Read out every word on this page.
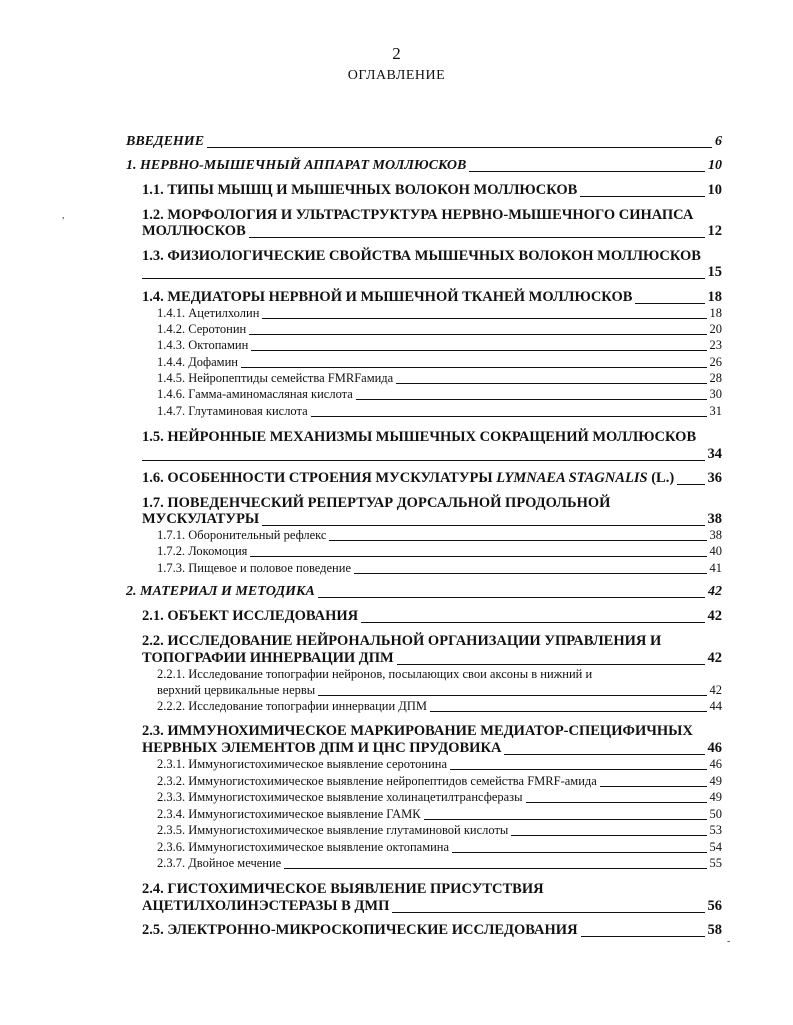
2
ОГЛАВЛЕНИЕ
,
ВВЕДЕНИЕ	6
1. НЕРВНО-МЫШЕЧНЫЙ АППАРАТ МОЛЛЮСКОВ	10
1.1. ТИПЫ МЫШЦ И МЫШЕЧНЫХ ВОЛОКОН МОЛЛЮСКОВ	10
1.2. МОРФОЛОГИЯ И УЛЬТРАСТРУКТУРА НЕРВНО-МЫШЕЧНОГО СИНАПСА
МОЛЛЮСКОВ	12
1.3. ФИЗИОЛОГИЧЕСКИЕ СВОЙСТВА МЫШЕЧНЫХ ВОЛОКОН МОЛЛЮСКОВ
15
1.4. МЕДИАТОРЫ НЕРВНОЙ И МЫШЕЧНОЙ ТКАНЕЙ МОЛЛЮСКОВ	18
1.4.1. Ацетилхолин	18
1.4.2. Серотонин	20
1.4.3. Октопамин	23
1.4.4. Дофамин	26
1.4.5. Нейропептиды семейства FMRFамида	28
1.4.6. Гамма-аминомасляная кислота	30
1.4.7. Глутаминовая кислота	31
1.5. НЕЙРОННЫЕ МЕХАНИЗМЫ МЫШЕЧНЫХ СОКРАЩЕНИЙ МОЛЛЮСКОВ
34
1.6. ОСОБЕННОСТИ СТРОЕНИЯ МУСКУЛАТУРЫ LYMNAEA STAGNALIS (L.) 36
1.7. ПОВЕДЕНЧЕСКИЙ РЕПЕРТУАР ДОРСАЛЬНОЙ ПРОДОЛЬНОЙ
МУСКУЛАТУРЫ	38
1.7.1. Оборонительный рефлекс	38
1.7.2. Локомоция	40
1.7.3. Пищевое и половое поведение	41
2. МАТЕРИАЛ И МЕТОДИКА	42
2.1. ОБЪЕКТ ИССЛЕДОВАНИЯ	42
2.2. ИССЛЕДОВАНИЕ НЕЙРОНАЛЬНОЙ ОРГАНИЗАЦИИ УПРАВЛЕНИЯ И
ТОПОГРАФИИ ИННЕРВАЦИИ ДПМ	42
2.2.1. Исследование топографии нейронов, посылающих свои аксоны в нижний и
верхний цервикальные нервы	42
2.2.2. Исследование топографии иннервации ДПМ	44
2.3. ИММУНОХИМИЧЕСКОЕ МАРКИРОВАНИЕ МЕДИАТОР-СПЕЦИФИЧНЫХ
НЕРВНЫХ ЭЛЕМЕНТОВ ДПМ И ЦНС ПРУДОВИКА	46
2.3.1. Иммуногистохимическое выявление серотонина	46
2.3.2. Иммуногистохимическое выявление нейропептидов семейства FMRF-амида	49
2.3.3. Иммуногистохимическое выявление холинацетилтрансферазы	49
2.3.4. Иммуногистохимическое выявление ГАМК	50
2.3.5. Иммуногистохимическое выявление глутаминовой кислоты	53
2.3.6. Иммуногистохимическое выявление октопамина	54
2.3.7. Двойное мечение	55
2.4. ГИСТОХИМИЧЕСКОЕ ВЫЯВЛЕНИЕ ПРИСУТСТВИЯ
АЦЕТИЛХОЛИНЭСТЕРАЗЫ В ДМП	56
2.5. ЭЛЕКТРОННО-МИКРОСКОПИЧЕСКИЕ ИССЛЕДОВАНИЯ	58
-
